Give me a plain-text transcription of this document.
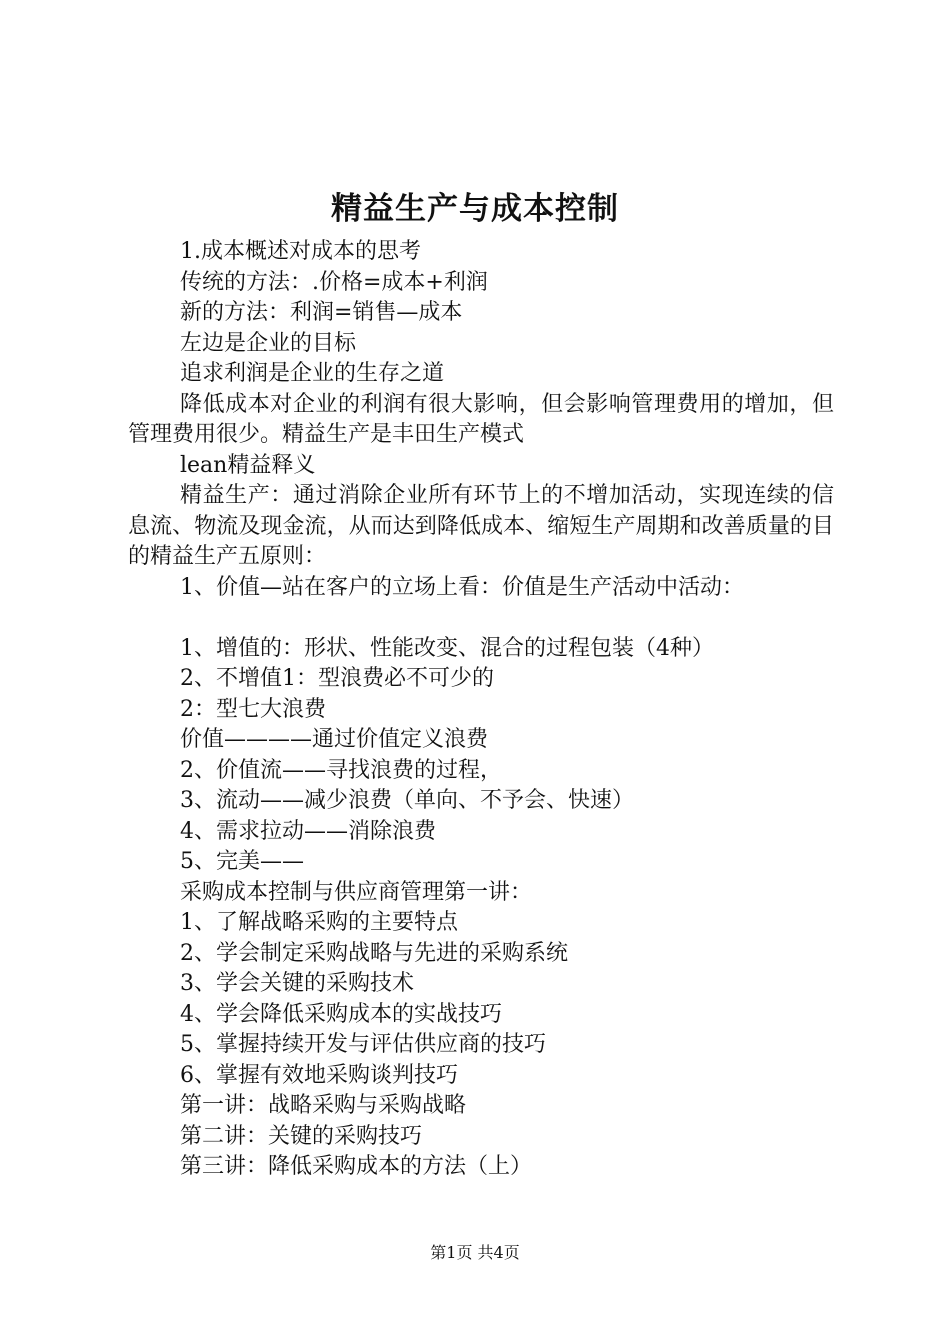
精益生产与成本控制

1.成本概述对成本的思考

传统的方法：.价格=成本+利润

新的方法：利润=销售—成本

左边是企业的目标

追求利润是企业的生存之道

降低成本对企业的利润有很大影响，但会影响管理费用的增加，但管理费用很少。精益生产是丰田生产模式

lean精益释义

精益生产：通过消除企业所有环节上的不增加活动，实现连续的信息流、物流及现金流，从而达到降低成本、缩短生产周期和改善质量的目的精益生产五原则：

1、价值—站在客户的立场上看：价值是生产活动中活动：

1、增值的：形状、性能改变、混合的过程包装（4种）

2、不增值1：型浪费必不可少的

2：型七大浪费

价值————通过价值定义浪费

2、价值流——寻找浪费的过程，

3、流动——减少浪费（单向、不予会、快速）

4、需求拉动——消除浪费

5、完美——

采购成本控制与供应商管理第一讲：

1、了解战略采购的主要特点

2、学会制定采购战略与先进的采购系统

3、学会关键的采购技术

4、学会降低采购成本的实战技巧

5、掌握持续开发与评估供应商的技巧

6、掌握有效地采购谈判技巧

第一讲：战略采购与采购战略

第二讲：关键的采购技巧

第三讲：降低采购成本的方法（上）

第1页 共4页
